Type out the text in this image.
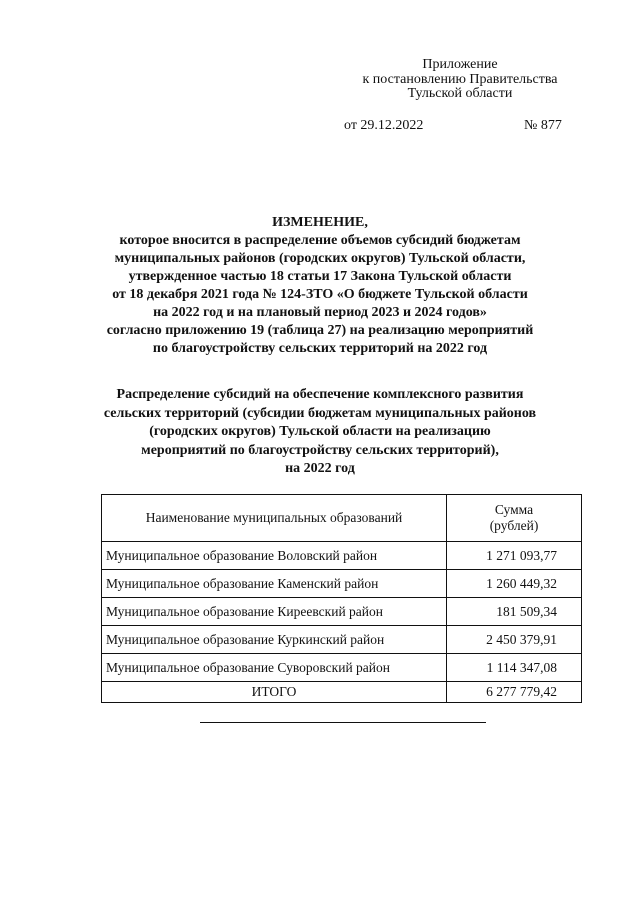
Приложение
к постановлению Правительства
Тульской области
от 29.12.2022	№ 877
ИЗМЕНЕНИЕ,
которое вносится в распределение объемов субсидий бюджетам
муниципальных районов (городских округов) Тульской области,
утвержденное частью 18 статьи 17 Закона Тульской области
от 18 декабря 2021 года № 124-ЗТО «О бюджете Тульской области
на 2022 год и на плановый период 2023 и 2024 годов»
согласно приложению 19 (таблица 27) на реализацию мероприятий
по благоустройству сельских территорий на 2022 год
Распределение субсидий на обеспечение комплексного развития
сельских территорий (субсидии бюджетам муниципальных районов
(городских округов) Тульской области на реализацию
мероприятий по благоустройству сельских территорий),
на 2022 год
Наименование муниципальных образований	Сумма
(рублей)

Муниципальное образование Воловский район	1 271 093,77
Муниципальное образование Каменский район	1 260 449,32
Муниципальное образование Киреевский район	181 509,34
Муниципальное образование Куркинский район	2 450 379,91
Муниципальное образование Суворовский район	1 114 347,08
ИТОГО	6 277 779,42
